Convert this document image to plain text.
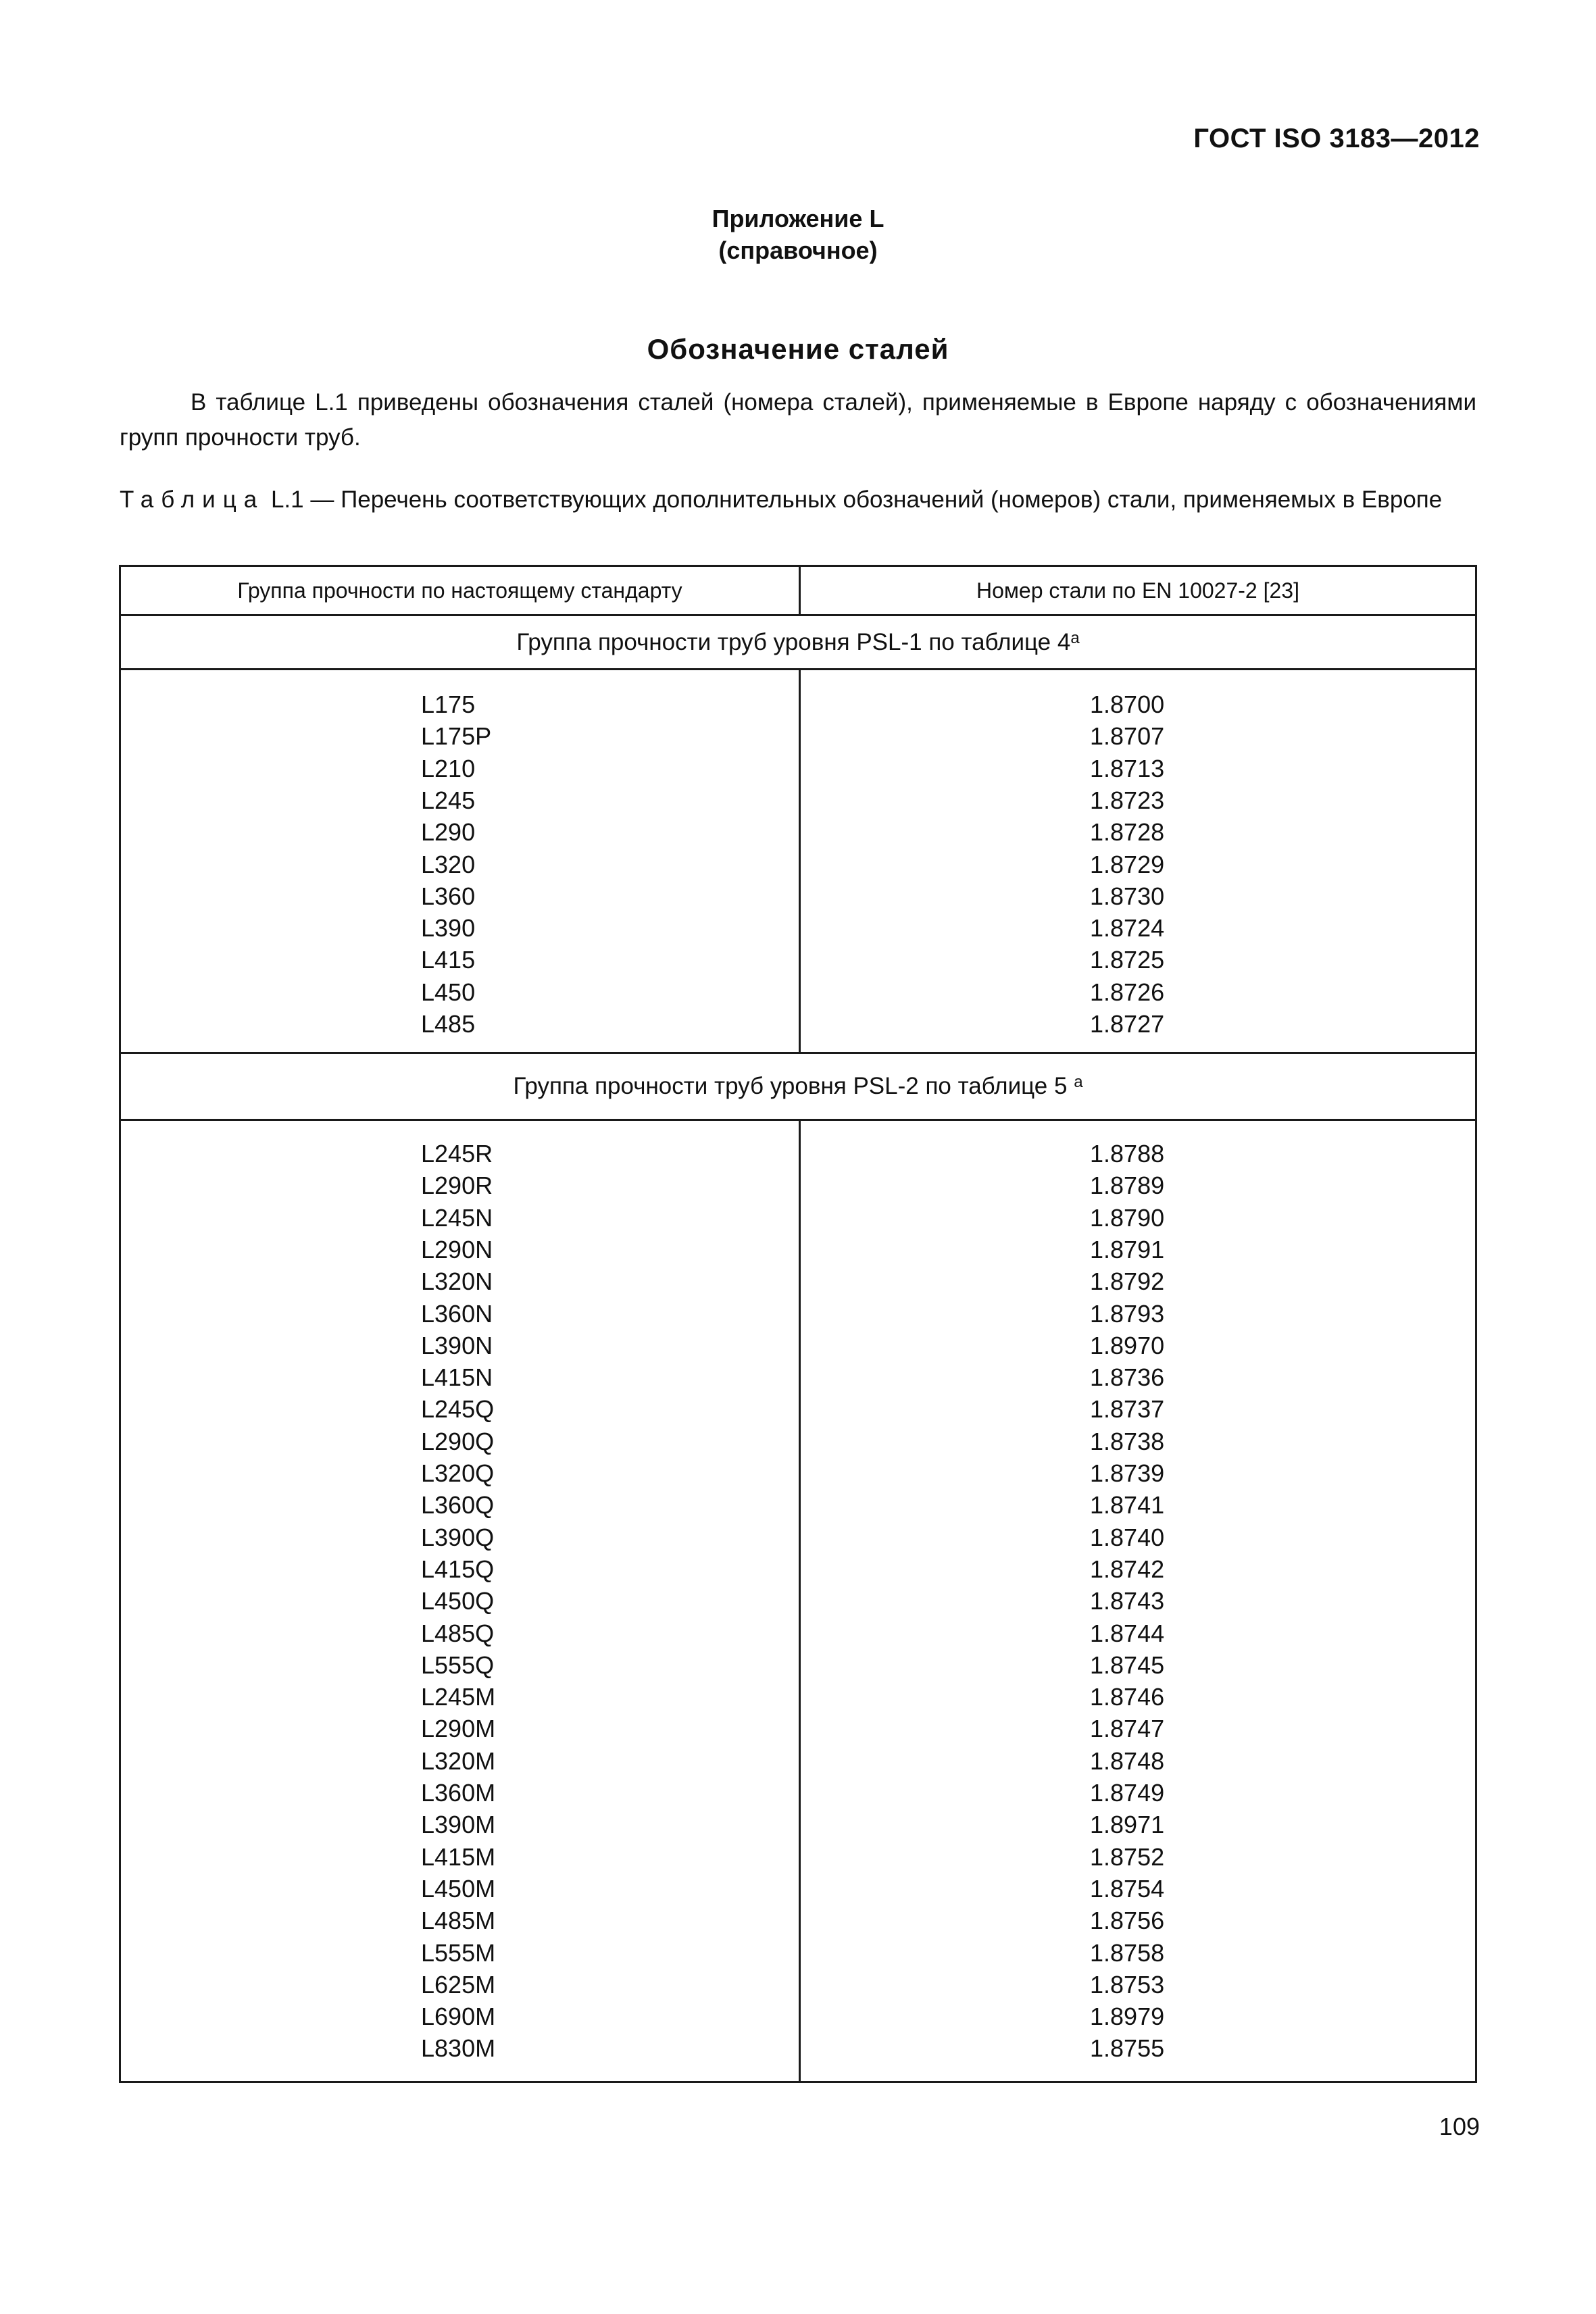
ГОСТ ISO 3183—2012
Приложение L
(справочное)
Обозначение сталей
В таблице L.1 приведены обозначения сталей (номера сталей), применяемые в Европе наряду с обозначениями групп прочности труб.
Таблица L.1 — Перечень соответствующих дополнительных обозначений (номеров) стали, применяемых в Европе
Группа прочности по настоящему стандарту	Номер стали по EN 10027-2 [23]
Группа прочности труб уровня PSL-1 по таблице 4$^a$
L175	1.8700
L175P	1.8707
L210	1.8713
L245	1.8723
L290	1.8728
L320	1.8729
L360	1.8730
L390	1.8724
L415	1.8725
L450	1.8726
L485	1.8727
Группа прочности труб уровня PSL-2 по таблице 5
$^a$
L245R	1.8788
L290R	1.8789
L245N	1.8790
L290N	1.8791
L320N	1.8792
L360N	1.8793
L390N	1.8970
L415N	1.8736
L245Q	1.8737
L290Q	1.8738
L320Q	1.8739
L360Q	1.8741
L390Q	1.8740
L415Q	1.8742
L450Q	1.8743
L485Q	1.8744
L555Q	1.8745
L245M	1.8746
L290M	1.8747
L320M	1.8748
L360M	1.8749
L390M	1.8971
L415M	1.8752
L450M	1.8754
L485M	1.8756
L555M	1.8758
L625M	1.8753
L690M	1.8979
L830M	1.8755
109
